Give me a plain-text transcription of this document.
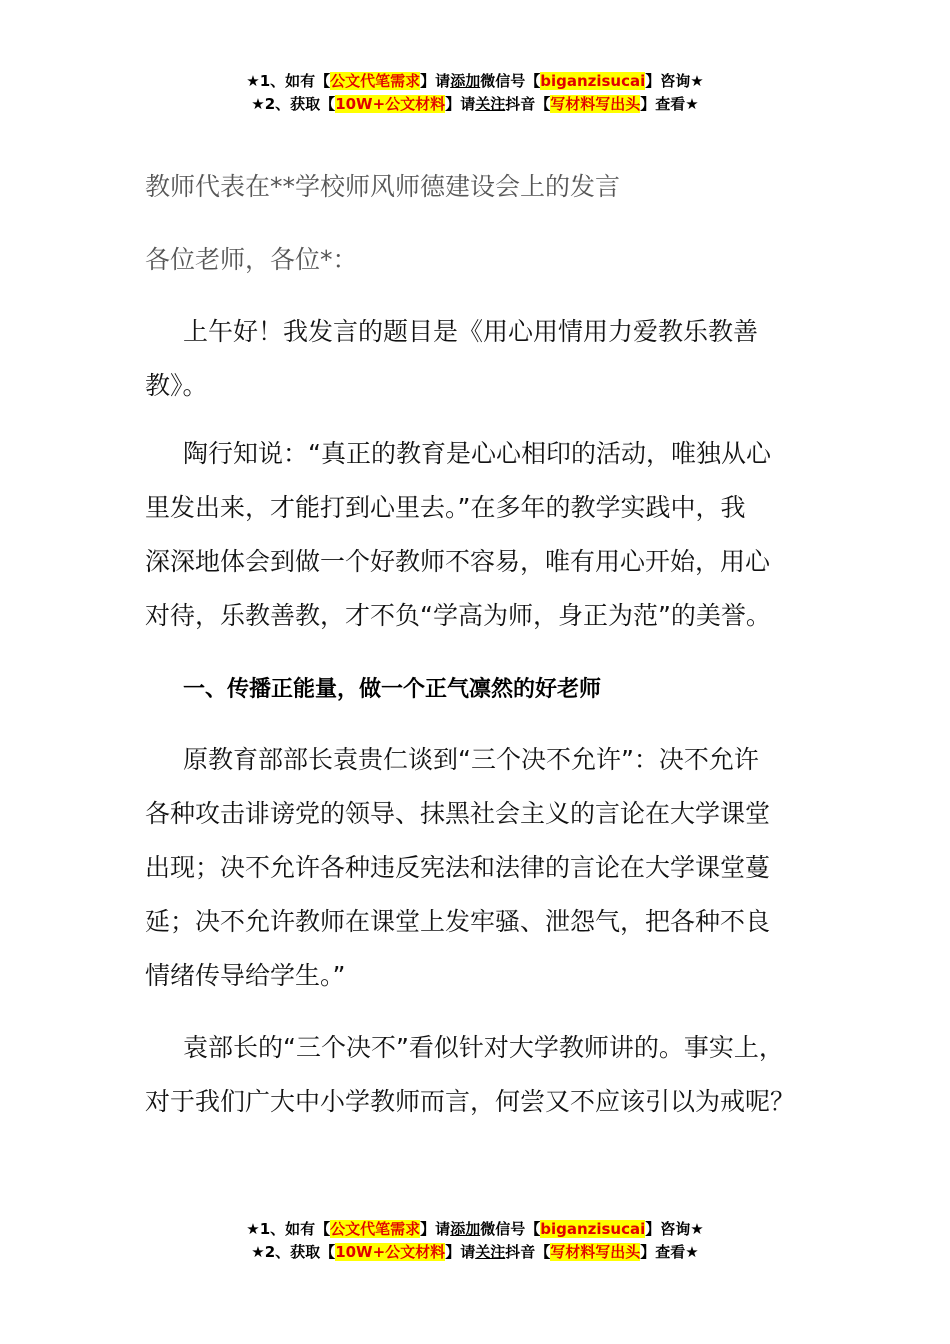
★1、如有【公文代笔需求】请添加微信号【biganzisucai】咨询★
★2、获取【10W+公文材料】请关注抖音【写材料写出头】查看★
教师代表在**学校师风师德建设会上的发言
各位老师，各位*：
上午好！我发言的题目是《用心用情用力爱教乐教善
教》。
陶行知说：“真正的教育是心心相印的活动，唯独从心
里发出来，才能打到心里去。”在多年的教学实践中，我
深深地体会到做一个好教师不容易，唯有用心开始，用心
对待，乐教善教，才不负“学高为师，身正为范”的美誉。
一、传播正能量，做一个正气凛然的好老师
原教育部部长袁贵仁谈到“三个决不允许”：决不允许
各种攻击诽谤党的领导、抹黑社会主义的言论在大学课堂
出现；决不允许各种违反宪法和法律的言论在大学课堂蔓
延；决不允许教师在课堂上发牢骚、泄怨气，把各种不良
情绪传导给学生。”
袁部长的“三个决不”看似针对大学教师讲的。事实上，
对于我们广大中小学教师而言，何尝又不应该引以为戒呢？
★1、如有【公文代笔需求】请添加微信号【biganzisucai】咨询★
★2、获取【10W+公文材料】请关注抖音【写材料写出头】查看★
